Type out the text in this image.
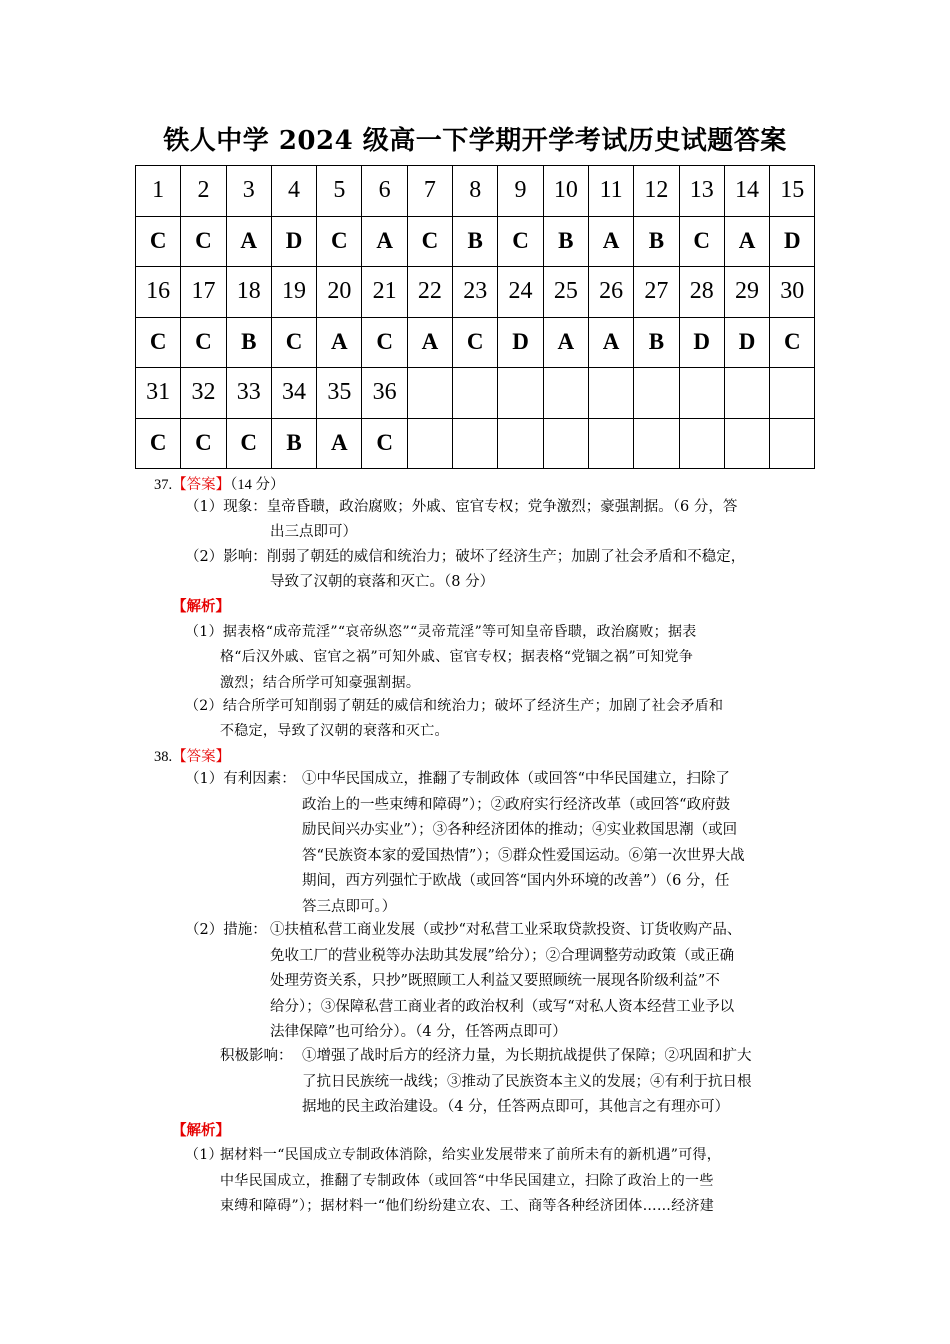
铁人中学 2024 级高一下学期开学考试历史试题答案
1	2	3	4	5	6	7	8	9	10	11	12	13	14	15
C	C	A	D	C	A	C	B	C	B	A	B	C	A	D
16	17	18	19	20	21	22	23	24	25	26	27	28	29	30
C	C	B	C	A	C	A	C	D	A	A	B	D	D	C
31	32	33	34	35	36									
C	C	C	B	A	C									
37.【答案】（14 分）
（1）现象：皇帝昏聩，政治腐败；外戚、宦官专权；党争激烈；豪强割据。（6 分，答
出三点即可）
（2）影响：削弱了朝廷的威信和统治力；破坏了经济生产；加剧了社会矛盾和不稳定，
导致了汉朝的衰落和灭亡。（8 分）
【解析】
（1）据表格“成帝荒淫”“哀帝纵恣”“灵帝荒淫”等可知皇帝昏聩，政治腐败；据表
格“后汉外戚、宦官之祸”可知外戚、宦官专权；据表格“党锢之祸”可知党争
激烈；结合所学可知豪强割据。
（2）结合所学可知削弱了朝廷的威信和统治力；破坏了经济生产；加剧了社会矛盾和
不稳定，导致了汉朝的衰落和灭亡。
38.【答案】
（1）有利因素： ①中华民国成立，推翻了专制政体（或回答“中华民国建立，扫除了
政治上的一些束缚和障碍”）；②政府实行经济改革（或回答“政府鼓
励民间兴办实业”）；③各种经济团体的推动；④实业救国思潮（或回
答“民族资本家的爱国热情”）；⑤群众性爱国运动。⑥第一次世界大战
期间，西方列强忙于欧战（或回答“国内外环境的改善”）（6 分，任
答三点即可。）
（2）措施： ①扶植私营工商业发展（或抄“对私营工业采取贷款投资、订货收购产品、
免收工厂的营业税等办法助其发展”给分）；②合理调整劳动政策（或正确
处理劳资关系，只抄”既照顾工人利益又要照顾统一展现各阶级利益”不
给分）；③保障私营工商业者的政治权利（或写“对私人资本经营工业予以
法律保障”也可给分）。（4 分，任答两点即可）
积极影响： ①增强了战时后方的经济力量，为长期抗战提供了保障；②巩固和扩大
了抗日民族统一战线；③推动了民族资本主义的发展；④有利于抗日根
据地的民主政治建设。（4 分，任答两点即可，其他言之有理亦可）
【解析】
（1）
据材料一“民国成立专制政体消除，给实业发展带来了前所未有的新机遇”可得，
中华民国成立，推翻了专制政体（或回答“中华民国建立，扫除了政治上的一些
束缚和障碍”）；据材料一“他们纷纷建立农、工、商等各种经济团体……经济建
